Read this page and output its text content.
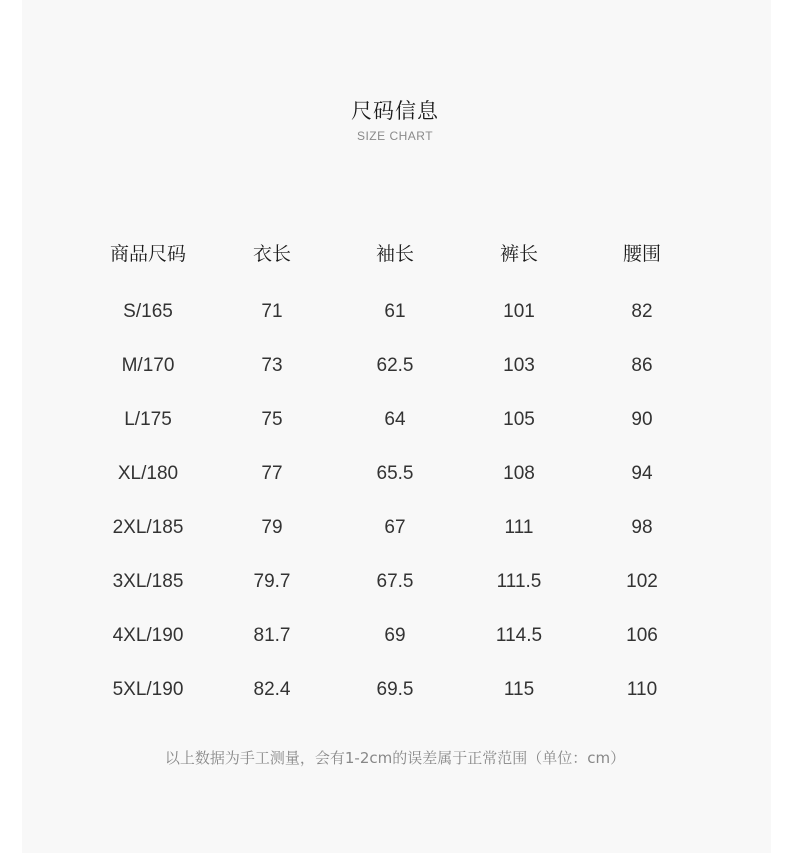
尺码信息
SIZE CHART
商品尺码	衣长	袖长	裤长	腰围
S/165	71	61	101	82
M/170	73	62.5	103	86
L/175	75	64	105	90
XL/180	77	65.5	108	94
2XL/185	79	67	111	98
3XL/185	79.7	67.5	111.5	102
4XL/190	81.7	69	114.5	106
5XL/190	82.4	69.5	115	110
以上数据为手工测量，会有1-2cm的误差属于正常范围（单位：cm）
